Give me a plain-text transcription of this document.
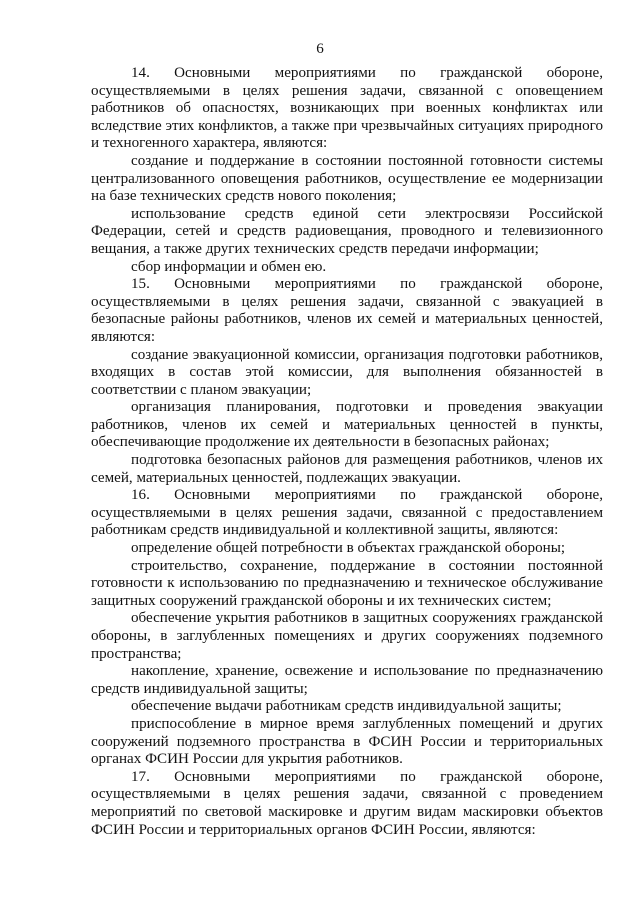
6

14. Основными мероприятиями по гражданской обороне, осуществляемыми в целях решения задачи, связанной с оповещением работников об опасностях, возникающих при военных конфликтах или вследствие этих конфликтов, а также при чрезвычайных ситуациях природного и техногенного характера, являются:

создание и поддержание в состоянии постоянной готовности системы централизованного оповещения работников, осуществление ее модернизации на базе технических средств нового поколения;

использование средств единой сети электросвязи Российской Федерации, сетей и средств радиовещания, проводного и телевизионного вещания, а также других технических средств передачи информации;

сбор информации и обмен ею.

15. Основными мероприятиями по гражданской обороне, осуществляемыми в целях решения задачи, связанной с эвакуацией в безопасные районы работников, членов их семей и материальных ценностей, являются:

создание эвакуационной комиссии, организация подготовки работников, входящих в состав этой комиссии, для выполнения обязанностей в соответствии с планом эвакуации;

организация планирования, подготовки и проведения эвакуации работников, членов их семей и материальных ценностей в пункты, обеспечивающие продолжение их деятельности в безопасных районах;

подготовка безопасных районов для размещения работников, членов их семей, материальных ценностей, подлежащих эвакуации.

16. Основными мероприятиями по гражданской обороне, осуществляемыми в целях решения задачи, связанной с предоставлением работникам средств индивидуальной и коллективной защиты, являются:

определение общей потребности в объектах гражданской обороны;

строительство, сохранение, поддержание в состоянии постоянной готовности к использованию по предназначению и техническое обслуживание защитных сооружений гражданской обороны и их технических систем;

обеспечение укрытия работников в защитных сооружениях гражданской обороны, в заглубленных помещениях и других сооружениях подземного пространства;

накопление, хранение, освежение и использование по предназначению средств индивидуальной защиты;

обеспечение выдачи работникам средств индивидуальной защиты;

приспособление в мирное время заглубленных помещений и других сооружений подземного пространства в ФСИН России и территориальных органах ФСИН России для укрытия работников.

17. Основными мероприятиями по гражданской обороне, осуществляемыми в целях решения задачи, связанной с проведением мероприятий по световой маскировке и другим видам маскировки объектов ФСИН России и территориальных органов ФСИН России, являются:
